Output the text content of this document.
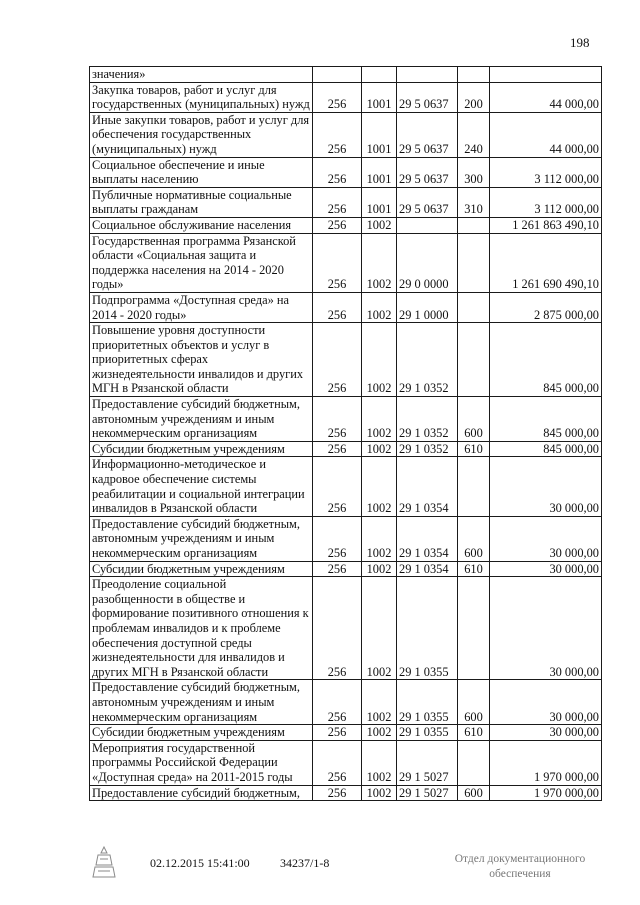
198
значения»					
Закупка товаров, работ и услуг для государственных (муниципальных) нужд	256	1001	29 5 0637	200	44 000,00
Иные закупки товаров, работ и услуг для обеспечения государственных (муниципальных) нужд	256	1001	29 5 0637	240	44 000,00
Социальное обеспечение и иные выплаты населению	256	1001	29 5 0637	300	3 112 000,00
Публичные нормативные социальные выплаты гражданам	256	1001	29 5 0637	310	3 112 000,00
Социальное обслуживание населения	256	1002			1 261 863 490,10
Государственная программа Рязанской области «Социальная защита и поддержка населения на 2014 - 2020 годы»	256	1002	29 0 0000		1 261 690 490,10
Подпрограмма «Доступная среда» на 2014 - 2020 годы»	256	1002	29 1 0000		2 875 000,00
Повышение уровня доступности приоритетных объектов и услуг в приоритетных сферах жизнедеятельности инвалидов и других МГН в Рязанской области	256	1002	29 1 0352		845 000,00
Предоставление субсидий бюджетным, автономным учреждениям и иным некоммерческим организациям	256	1002	29 1 0352	600	845 000,00
Субсидии бюджетным учреждениям	256	1002	29 1 0352	610	845 000,00
Информационно-методическое и кадровое обеспечение системы реабилитации и социальной интеграции инвалидов в Рязанской области	256	1002	29 1 0354		30 000,00
Предоставление субсидий бюджетным, автономным учреждениям и иным некоммерческим организациям	256	1002	29 1 0354	600	30 000,00
Субсидии бюджетным учреждениям	256	1002	29 1 0354	610	30 000,00
Преодоление социальной разобщенности в обществе и формирование позитивного отношения к проблемам инвалидов и к проблеме обеспечения доступной среды жизнедеятельности для инвалидов и других МГН в Рязанской области	256	1002	29 1 0355		30 000,00
Предоставление субсидий бюджетным, автономным учреждениям и иным некоммерческим организациям	256	1002	29 1 0355	600	30 000,00
Субсидии бюджетным учреждениям	256	1002	29 1 0355	610	30 000,00
Мероприятия государственной программы Российской Федерации «Доступная среда» на 2011-2015 годы	256	1002	29 1 5027		1 970 000,00
Предоставление субсидий бюджетным,	256	1002	29 1 5027	600	1 970 000,00
02.12.2015 15:41:00	34237/1-8	Отдел документационного
обеспечения
